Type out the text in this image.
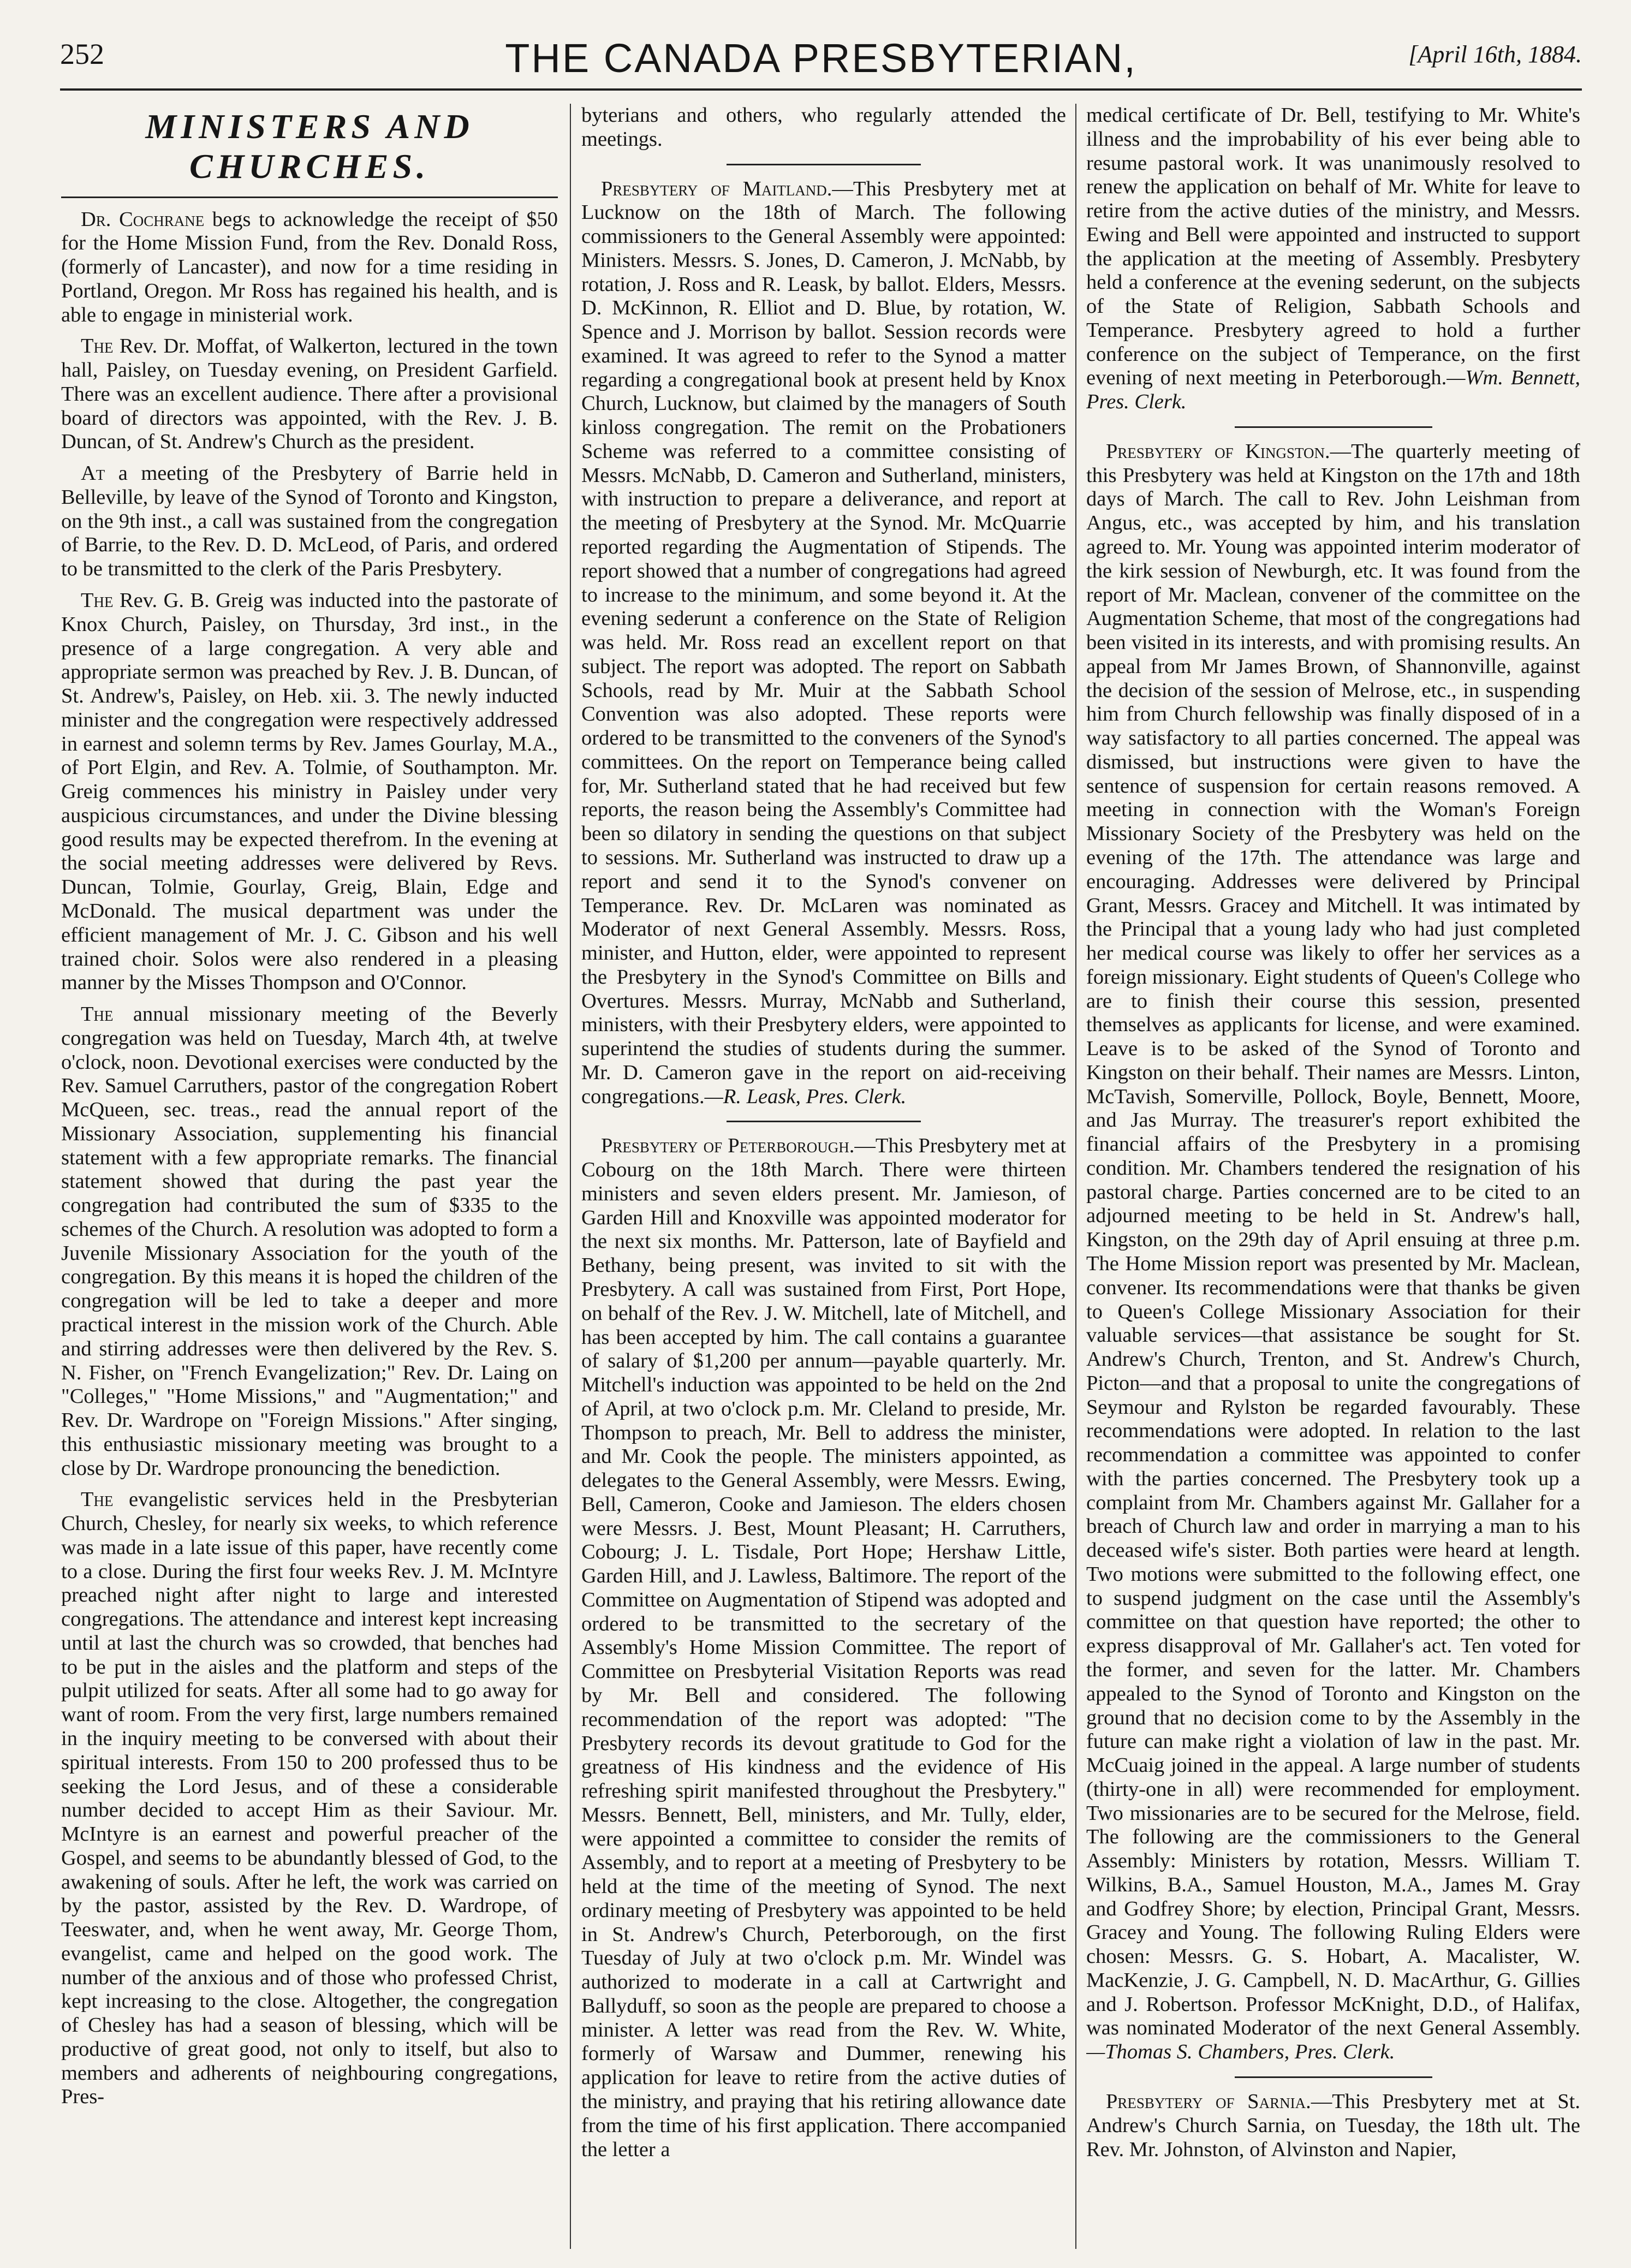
252	THE CANADA PRESBYTERIAN,	[April 16th, 1884.
MINISTERS AND CHURCHES.

Dr. Cochrane begs to acknowledge the receipt of $50 for the Home Mission Fund, from the Rev. Donald Ross, (formerly of Lancaster), and now for a time residing in Portland, Oregon. Mr Ross has regained his health, and is able to engage in ministerial work.

The Rev. Dr. Moffat, of Walkerton, lectured in the town hall, Paisley, on Tuesday evening, on President Garfield. There was an excellent audience. There after a provisional board of directors was appointed, with the Rev. J. B. Duncan, of St. Andrew's Church as the president.

At a meeting of the Presbytery of Barrie held in Belleville, by leave of the Synod of Toronto and Kingston, on the 9th inst., a call was sustained from the congregation of Barrie, to the Rev. D. D. McLeod, of Paris, and ordered to be transmitted to the clerk of the Paris Presbytery.

The Rev. G. B. Greig was inducted into the pastorate of Knox Church, Paisley, on Thursday, 3rd inst., in the presence of a large congregation. A very able and appropriate sermon was preached by Rev. J. B. Duncan, of St. Andrew's, Paisley, on Heb. xii. 3. The newly inducted minister and the congregation were respectively addressed in earnest and solemn terms by Rev. James Gourlay, M.A., of Port Elgin, and Rev. A. Tolmie, of Southampton. Mr. Greig commences his ministry in Paisley under very auspicious circumstances, and under the Divine blessing good results may be expected therefrom. In the evening at the social meeting addresses were delivered by Revs. Duncan, Tolmie, Gourlay, Greig, Blain, Edge and McDonald. The musical department was under the efficient management of Mr. J. C. Gibson and his well trained choir. Solos were also rendered in a pleasing manner by the Misses Thompson and O'Connor.

The annual missionary meeting of the Beverly congregation was held on Tuesday, March 4th, at twelve o'clock, noon. Devotional exercises were conducted by the Rev. Samuel Carruthers, pastor of the congregation Robert McQueen, sec. treas., read the annual report of the Missionary Association, supplementing his financial statement with a few appropriate remarks. The financial statement showed that during the past year the congregation had contributed the sum of $335 to the schemes of the Church. A resolution was adopted to form a Juvenile Missionary Association for the youth of the congregation. By this means it is hoped the children of the congregation will be led to take a deeper and more practical interest in the mission work of the Church. Able and stirring addresses were then delivered by the Rev. S. N. Fisher, on "French Evangelization;" Rev. Dr. Laing on "Colleges," "Home Missions," and "Augmentation;" and Rev. Dr. Wardrope on "Foreign Missions." After singing, this enthusiastic missionary meeting was brought to a close by Dr. Wardrope pronouncing the benediction.

The evangelistic services held in the Presbyterian Church, Chesley, for nearly six weeks, to which reference was made in a late issue of this paper, have recently come to a close. During the first four weeks Rev. J. M. McIntyre preached night after night to large and interested congregations. The attendance and interest kept increasing until at last the church was so crowded, that benches had to be put in the aisles and the platform and steps of the pulpit utilized for seats. After all some had to go away for want of room. From the very first, large numbers remained in the inquiry meeting to be conversed with about their spiritual interests. From 150 to 200 professed thus to be seeking the Lord Jesus, and of these a considerable number decided to accept Him as their Saviour. Mr. McIntyre is an earnest and powerful preacher of the Gospel, and seems to be abundantly blessed of God, to the awakening of souls. After he left, the work was carried on by the pastor, assisted by the Rev. D. Wardrope, of Teeswater, and, when he went away, Mr. George Thom, evangelist, came and helped on the good work. The number of the anxious and of those who professed Christ, kept increasing to the close. Altogether, the congregation of Chesley has had a season of blessing, which will be productive of great good, not only to itself, but also to members and adherents of neighbouring congregations, Pres-

byterians and others, who regularly attended the meetings.

Presbytery of Maitland.—This Presbytery met at Lucknow on the 18th of March. The following commissioners to the General Assembly were appointed: Ministers. Messrs. S. Jones, D. Cameron, J. McNabb, by rotation, J. Ross and R. Leask, by ballot. Elders, Messrs. D. McKinnon, R. Elliot and D. Blue, by rotation, W. Spence and J. Morrison by ballot. Session records were examined. It was agreed to refer to the Synod a matter regarding a congregational book at present held by Knox Church, Lucknow, but claimed by the managers of South kinloss congregation. The remit on the Probationers Scheme was referred to a committee consisting of Messrs. McNabb, D. Cameron and Sutherland, ministers, with instruction to prepare a deliverance, and report at the meeting of Presbytery at the Synod. Mr. McQuarrie reported regarding the Augmentation of Stipends. The report showed that a number of congregations had agreed to increase to the minimum, and some beyond it. At the evening sederunt a conference on the State of Religion was held. Mr. Ross read an excellent report on that subject. The report was adopted. The report on Sabbath Schools, read by Mr. Muir at the Sabbath School Convention was also adopted. These reports were ordered to be transmitted to the conveners of the Synod's committees. On the report on Temperance being called for, Mr. Sutherland stated that he had received but few reports, the reason being the Assembly's Committee had been so dilatory in sending the questions on that subject to sessions. Mr. Sutherland was instructed to draw up a report and send it to the Synod's convener on Temperance. Rev. Dr. McLaren was nominated as Moderator of next General Assembly. Messrs. Ross, minister, and Hutton, elder, were appointed to represent the Presbytery in the Synod's Committee on Bills and Overtures. Messrs. Murray, McNabb and Sutherland, ministers, with their Presbytery elders, were appointed to superintend the studies of students during the summer. Mr. D. Cameron gave in the report on aid-receiving congregations.—R. Leask, Pres. Clerk.

Presbytery of Peterborough.—This Presbytery met at Cobourg on the 18th March. There were thirteen ministers and seven elders present. Mr. Jamieson, of Garden Hill and Knoxville was appointed moderator for the next six months. Mr. Patterson, late of Bayfield and Bethany, being present, was invited to sit with the Presbytery. A call was sustained from First, Port Hope, on behalf of the Rev. J. W. Mitchell, late of Mitchell, and has been accepted by him. The call contains a guarantee of salary of $1,200 per annum—payable quarterly. Mr. Mitchell's induction was appointed to be held on the 2nd of April, at two o'clock p.m. Mr. Cleland to preside, Mr. Thompson to preach, Mr. Bell to address the minister, and Mr. Cook the people. The ministers appointed, as delegates to the General Assembly, were Messrs. Ewing, Bell, Cameron, Cooke and Jamieson. The elders chosen were Messrs. J. Best, Mount Pleasant; H. Carruthers, Cobourg; J. L. Tisdale, Port Hope; Hershaw Little, Garden Hill, and J. Lawless, Baltimore. The report of the Committee on Augmentation of Stipend was adopted and ordered to be transmitted to the secretary of the Assembly's Home Mission Committee. The report of Committee on Presbyterial Visitation Reports was read by Mr. Bell and considered. The following recommendation of the report was adopted: "The Presbytery records its devout gratitude to God for the greatness of His kindness and the evidence of His refreshing spirit manifested throughout the Presbytery." Messrs. Bennett, Bell, ministers, and Mr. Tully, elder, were appointed a committee to consider the remits of Assembly, and to report at a meeting of Presbytery to be held at the time of the meeting of Synod. The next ordinary meeting of Presbytery was appointed to be held in St. Andrew's Church, Peterborough, on the first Tuesday of July at two o'clock p.m. Mr. Windel was authorized to moderate in a call at Cartwright and Ballyduff, so soon as the people are prepared to choose a minister. A letter was read from the Rev. W. White, formerly of Warsaw and Dummer, renewing his application for leave to retire from the active duties of the ministry, and praying that his retiring allowance date from the time of his first application. There accompanied the letter a

medical certificate of Dr. Bell, testifying to Mr. White's illness and the improbability of his ever being able to resume pastoral work. It was unanimously resolved to renew the application on behalf of Mr. White for leave to retire from the active duties of the ministry, and Messrs. Ewing and Bell were appointed and instructed to support the application at the meeting of Assembly. Presbytery held a conference at the evening sederunt, on the subjects of the State of Religion, Sabbath Schools and Temperance. Presbytery agreed to hold a further conference on the subject of Temperance, on the first evening of next meeting in Peterborough.—Wm. Bennett, Pres. Clerk.

Presbytery of Kingston.—The quarterly meeting of this Presbytery was held at Kingston on the 17th and 18th days of March. The call to Rev. John Leishman from Angus, etc., was accepted by him, and his translation agreed to. Mr. Young was appointed interim moderator of the kirk session of Newburgh, etc. It was found from the report of Mr. Maclean, convener of the committee on the Augmentation Scheme, that most of the congregations had been visited in its interests, and with promising results. An appeal from Mr James Brown, of Shannonville, against the decision of the session of Melrose, etc., in suspending him from Church fellowship was finally disposed of in a way satisfactory to all parties concerned. The appeal was dismissed, but instructions were given to have the sentence of suspension for certain reasons removed. A meeting in connection with the Woman's Foreign Missionary Society of the Presbytery was held on the evening of the 17th. The attendance was large and encouraging. Addresses were delivered by Principal Grant, Messrs. Gracey and Mitchell. It was intimated by the Principal that a young lady who had just completed her medical course was likely to offer her services as a foreign missionary. Eight students of Queen's College who are to finish their course this session, presented themselves as applicants for license, and were examined. Leave is to be asked of the Synod of Toronto and Kingston on their behalf. Their names are Messrs. Linton, McTavish, Somerville, Pollock, Boyle, Bennett, Moore, and Jas Murray. The treasurer's report exhibited the financial affairs of the Presbytery in a promising condition. Mr. Chambers tendered the resignation of his pastoral charge. Parties concerned are to be cited to an adjourned meeting to be held in St. Andrew's hall, Kingston, on the 29th day of April ensuing at three p.m. The Home Mission report was presented by Mr. Maclean, convener. Its recommendations were that thanks be given to Queen's College Missionary Association for their valuable services—that assistance be sought for St. Andrew's Church, Trenton, and St. Andrew's Church, Picton—and that a proposal to unite the congregations of Seymour and Rylston be regarded favourably. These recommendations were adopted. In relation to the last recommendation a committee was appointed to confer with the parties concerned. The Presbytery took up a complaint from Mr. Chambers against Mr. Gallaher for a breach of Church law and order in marrying a man to his deceased wife's sister. Both parties were heard at length. Two motions were submitted to the following effect, one to suspend judgment on the case until the Assembly's committee on that question have reported; the other to express disapproval of Mr. Gallaher's act. Ten voted for the former, and seven for the latter. Mr. Chambers appealed to the Synod of Toronto and Kingston on the ground that no decision come to by the Assembly in the future can make right a violation of law in the past. Mr. McCuaig joined in the appeal. A large number of students (thirty-one in all) were recommended for employment. Two missionaries are to be secured for the Melrose, field. The following are the commissioners to the General Assembly: Ministers by rotation, Messrs. William T. Wilkins, B.A., Samuel Houston, M.A., James M. Gray and Godfrey Shore; by election, Principal Grant, Messrs. Gracey and Young. The following Ruling Elders were chosen: Messrs. G. S. Hobart, A. Macalister, W. MacKenzie, J. G. Campbell, N. D. MacArthur, G. Gillies and J. Robertson. Professor McKnight, D.D., of Halifax, was nominated Moderator of the next General Assembly.—Thomas S. Chambers, Pres. Clerk.

Presbytery of Sarnia.—This Presbytery met at St. Andrew's Church Sarnia, on Tuesday, the 18th ult. The Rev. Mr. Johnston, of Alvinston and Napier,
